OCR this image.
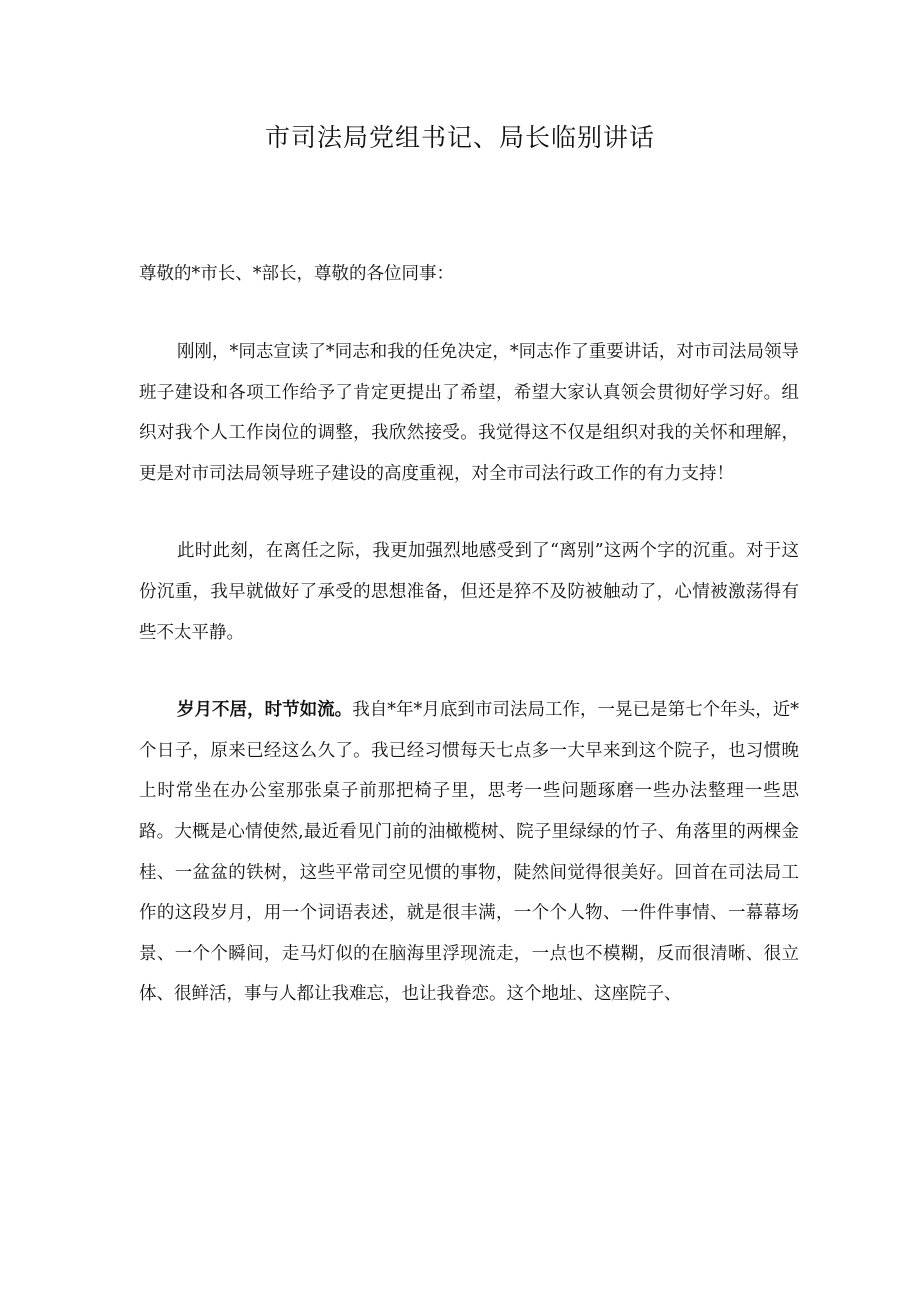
市司法局党组书记、局长临别讲话

尊敬的*市长、*部长，尊敬的各位同事：

刚刚，*同志宣读了*同志和我的任免决定，*同志作了重要讲话，对市司法局领导班子建设和各项工作给予了肯定更提出了希望，希望大家认真领会贯彻好学习好。组织对我个人工作岗位的调整，我欣然接受。我觉得这不仅是组织对我的关怀和理解，更是对市司法局领导班子建设的高度重视，对全市司法行政工作的有力支持！

此时此刻，在离任之际，我更加强烈地感受到了“离别”这两个字的沉重。对于这份沉重，我早就做好了承受的思想准备，但还是猝不及防被触动了，心情被激荡得有些不太平静。

岁月不居，时节如流。我自*年*月底到市司法局工作，一晃已是第七个年头，近*个日子，原来已经这么久了。我已经习惯每天七点多一大早来到这个院子，也习惯晚上时常坐在办公室那张桌子前那把椅子里，思考一些问题琢磨一些办法整理一些思路。大概是心情使然,最近看见门前的油橄榄树、院子里绿绿的竹子、角落里的两棵金桂、一盆盆的铁树，这些平常司空见惯的事物，陡然间觉得很美好。回首在司法局工作的这段岁月，用一个词语表述，就是很丰满，一个个人物、一件件事情、一幕幕场景、一个个瞬间，走马灯似的在脑海里浮现流走，一点也不模糊，反而很清晰、很立体、很鲜活，事与人都让我难忘，也让我眷恋。这个地址、这座院子、
